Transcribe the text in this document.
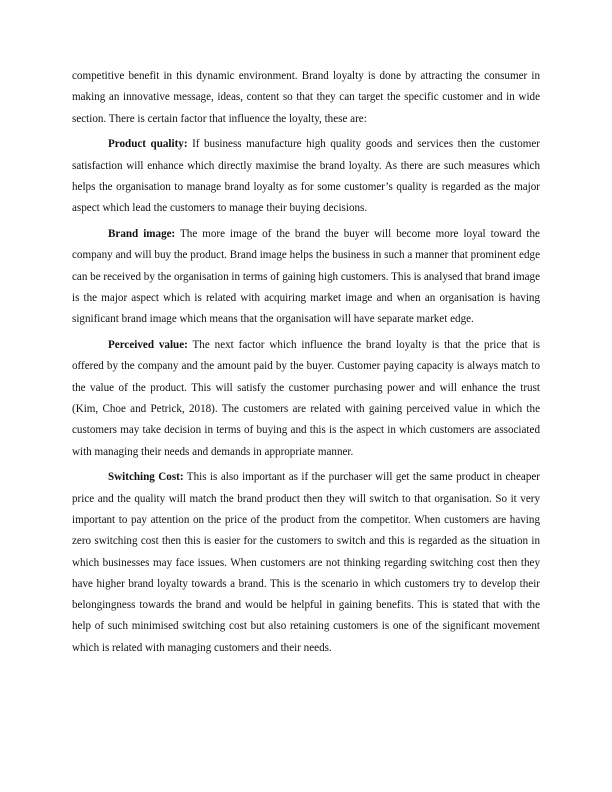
competitive benefit in this dynamic environment. Brand loyalty is done by attracting the consumer in making an innovative message, ideas, content so that they can target the specific customer and in wide section. There is certain factor that influence the loyalty, these are:

Product quality: If business manufacture high quality goods and services then the customer satisfaction will enhance which directly maximise the brand loyalty. As there are such measures which helps the organisation to manage brand loyalty as for some customer’s quality is regarded as the major aspect which lead the customers to manage their buying decisions.

Brand image: The more image of the brand the buyer will become more loyal toward the company and will buy the product. Brand image helps the business in such a manner that prominent edge can be received by the organisation in terms of gaining high customers. This is analysed that brand image is the major aspect which is related with acquiring market image and when an organisation is having significant brand image which means that the organisation will have separate market edge.

Perceived value: The next factor which influence the brand loyalty is that the price that is offered by the company and the amount paid by the buyer. Customer paying capacity is always match to the value of the product. This will satisfy the customer purchasing power and will enhance the trust (Kim, Choe and Petrick, 2018). The customers are related with gaining perceived value in which the customers may take decision in terms of buying and this is the aspect in which customers are associated with managing their needs and demands in appropriate manner.

Switching Cost: This is also important as if the purchaser will get the same product in cheaper price and the quality will match the brand product then they will switch to that organisation. So it very important to pay attention on the price of the product from the competitor. When customers are having zero switching cost then this is easier for the customers to switch and this is regarded as the situation in which businesses may face issues. When customers are not thinking regarding switching cost then they have higher brand loyalty towards a brand. This is the scenario in which customers try to develop their belongingness towards the brand and would be helpful in gaining benefits. This is stated that with the help of such minimised switching cost but also retaining customers is one of the significant movement which is related with managing customers and their needs.
